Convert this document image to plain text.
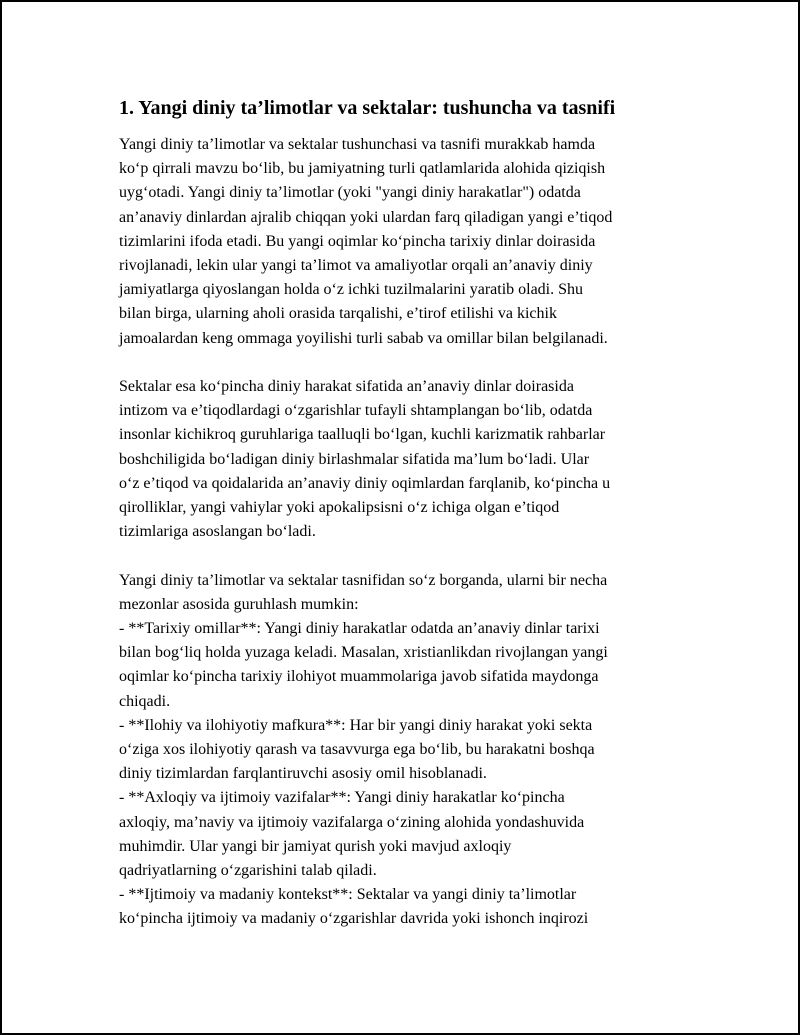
1. Yangi diniy ta’limotlar va sektalar: tushuncha va tasnifi

Yangi diniy ta’limotlar va sektalar tushunchasi va tasnifi murakkab hamda
ko‘p qirrali mavzu bo‘lib, bu jamiyatning turli qatlamlarida alohida qiziqish
uyg‘otadi. Yangi diniy ta’limotlar (yoki "yangi diniy harakatlar") odatda
an’anaviy dinlardan ajralib chiqqan yoki ulardan farq qiladigan yangi e’tiqod
tizimlarini ifoda etadi. Bu yangi oqimlar ko‘pincha tarixiy dinlar doirasida
rivojlanadi, lekin ular yangi ta’limot va amaliyotlar orqali an’anaviy diniy
jamiyatlarga qiyoslangan holda o‘z ichki tuzilmalarini yaratib oladi. Shu
bilan birga, ularning aholi orasida tarqalishi, e’tirof etilishi va kichik
jamoalardan keng ommaga yoyilishi turli sabab va omillar bilan belgilanadi.

Sektalar esa ko‘pincha diniy harakat sifatida an’anaviy dinlar doirasida
intizom va e’tiqodlardagi o‘zgarishlar tufayli shtamplangan bo‘lib, odatda
insonlar kichikroq guruhlariga taalluqli bo‘lgan, kuchli karizmatik rahbarlar
boshchiligida bo‘ladigan diniy birlashmalar sifatida ma’lum bo‘ladi. Ular
o‘z e’tiqod va qoidalarida an’anaviy diniy oqimlardan farqlanib, ko‘pincha u
qirolliklar, yangi vahiylar yoki apokalipsisni o‘z ichiga olgan e’tiqod
tizimlariga asoslangan bo‘ladi.

Yangi diniy ta’limotlar va sektalar tasnifidan so‘z borganda, ularni bir necha
mezonlar asosida guruhlash mumkin:
- **Tarixiy omillar**: Yangi diniy harakatlar odatda an’anaviy dinlar tarixi
bilan bog‘liq holda yuzaga keladi. Masalan, xristianlikdan rivojlangan yangi
oqimlar ko‘pincha tarixiy ilohiyot muammolariga javob sifatida maydonga
chiqadi.
- **Ilohiy va ilohiyotiy mafkura**: Har bir yangi diniy harakat yoki sekta
o‘ziga xos ilohiyotiy qarash va tasavvurga ega bo‘lib, bu harakatni boshqa
diniy tizimlardan farqlantiruvchi asosiy omil hisoblanadi.
- **Axloqiy va ijtimoiy vazifalar**: Yangi diniy harakatlar ko‘pincha
axloqiy, ma’naviy va ijtimoiy vazifalarga o‘zining alohida yondashuvida
muhimdir. Ular yangi bir jamiyat qurish yoki mavjud axloqiy
qadriyatlarning o‘zgarishini talab qiladi.
- **Ijtimoiy va madaniy kontekst**: Sektalar va yangi diniy ta’limotlar
ko‘pincha ijtimoiy va madaniy o‘zgarishlar davrida yoki ishonch inqirozi
